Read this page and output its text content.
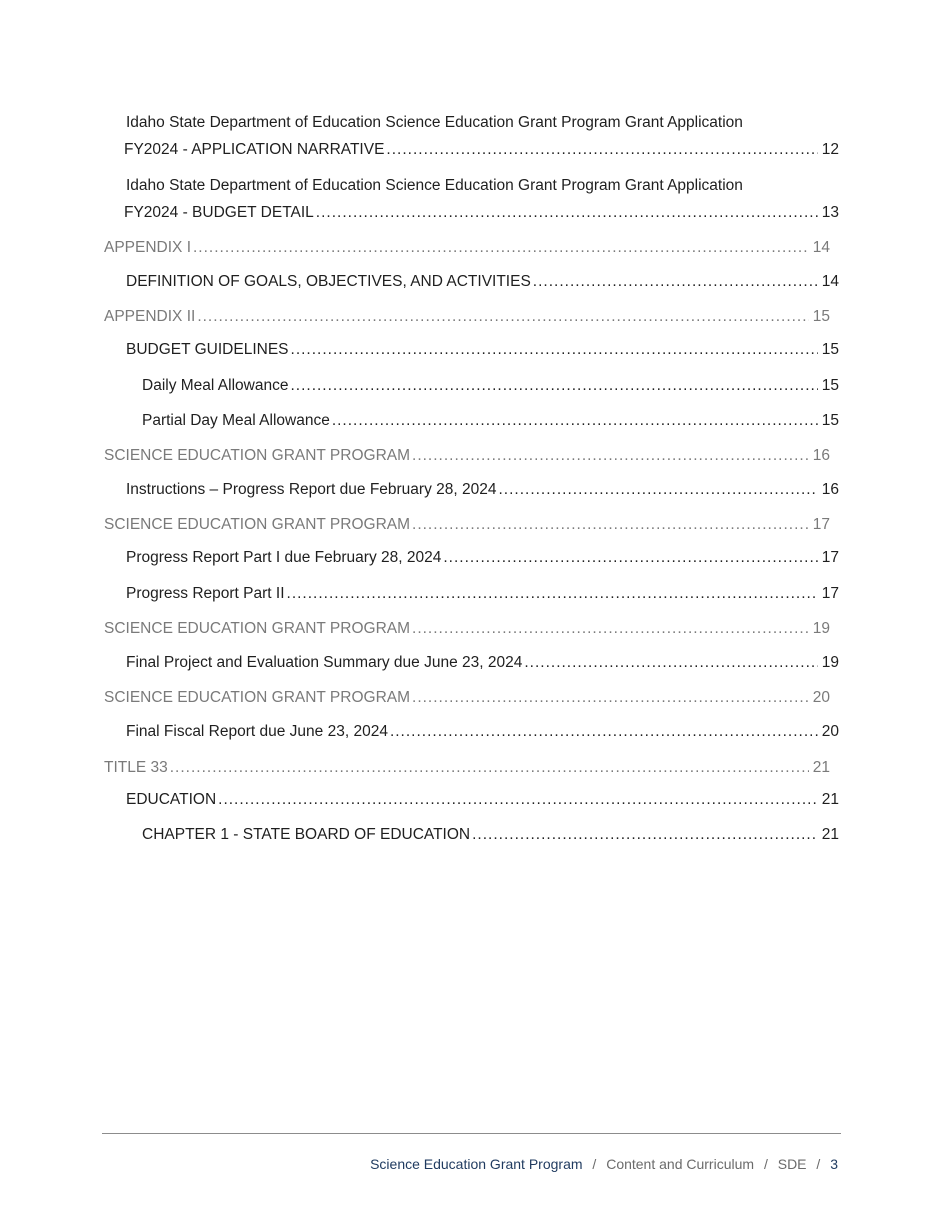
Idaho State Department of Education Science Education Grant Program Grant Application
FY2024 - APPLICATION NARRATIVE .....	12
Idaho State Department of Education Science Education Grant Program Grant Application
FY2024 - BUDGET DETAIL .....	13
APPENDIX I .....	14
DEFINITION OF GOALS, OBJECTIVES, AND ACTIVITIES .....	14
APPENDIX II .....	15
BUDGET GUIDELINES .....	15
Daily Meal Allowance .....	15
Partial Day Meal Allowance .....	15
SCIENCE EDUCATION GRANT PROGRAM .....	16
Instructions – Progress Report due February 28, 2024 .....	16
SCIENCE EDUCATION GRANT PROGRAM .....	17
Progress Report Part I due February 28, 2024 .....	17
Progress Report Part II .....	17
SCIENCE EDUCATION GRANT PROGRAM .....	19
Final Project and Evaluation Summary due June 23, 2024 .....	19
SCIENCE EDUCATION GRANT PROGRAM .....	20
Final Fiscal Report due June 23, 2024 .....	20
TITLE 33 .....	21
EDUCATION .....	21
CHAPTER 1 - STATE BOARD OF EDUCATION .....	21
Science Education Grant Program / Content and Curriculum / SDE / 3
